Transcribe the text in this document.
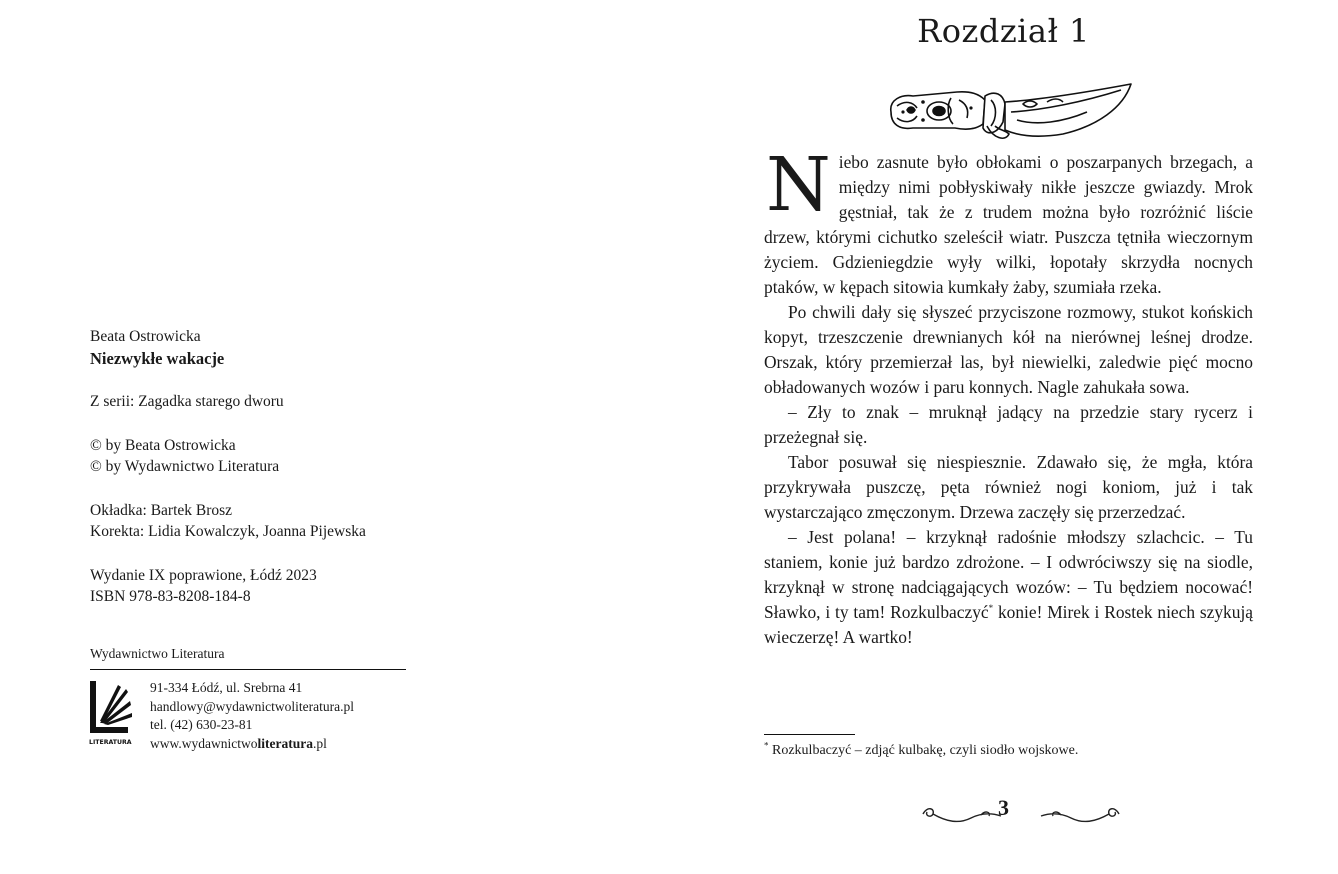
Beata Ostrowicka
Niezwykłe wakacje
Z serii: Zagadka starego dworu
© by Beata Ostrowicka
© by Wydawnictwo Literatura
Okładka: Bartek Brosz
Korekta: Lidia Kowalczyk, Joanna Pijewska
Wydanie IX poprawione, Łódź 2023
ISBN 978-83-8208-184-8
Wydawnictwo Literatura
LITERATURA
91-334 Łódź, ul. Srebrna 41
handlowy@wydawnictwoliteratura.pl
tel. (42) 630-23-81
www.wydawnictwoliteratura.pl
Rozdział 1

Niebo zasnute było obłokami o poszarpanych brzegach, a między nimi pobłyskiwały nikłe jeszcze gwiazdy. Mrok gęstniał, tak że z trudem można było rozróżnić liście drzew, którymi cichutko szeleścił wiatr. Puszcza tętniła wieczornym życiem. Gdzieniegdzie wyły wilki, łopotały skrzydła nocnych ptaków, w kępach sitowia kumkały żaby, szumiała rzeka.

Po chwili dały się słyszeć przyciszone rozmowy, stukot końskich kopyt, trzeszczenie drewnianych kół na nierównej leśnej drodze. Orszak, który przemierzał las, był niewielki, zaledwie pięć mocno obładowanych wozów i paru konnych. Nagle zahukała sowa.

– Zły to znak – mruknął jadący na przedzie stary rycerz i przeżegnał się.

Tabor posuwał się niespiesznie. Zdawało się, że mgła, która przykrywała puszczę, pęta również nogi koniom, już i tak wystarczająco zmęczonym. Drzewa zaczęły się przerzedzać.

– Jest polana! – krzyknął radośnie młodszy szlachcic. – Tu staniem, konie już bardzo zdrożone. – I odwróciwszy się na siodle, krzyknął w stronę nadciągających wozów: – Tu będziem nocować! Sławko, i ty tam! Rozkulbaczyć* konie! Mirek i Rostek niech szykują wieczerzę! A wartko!

* Rozkulbaczyć – zdjąć kulbakę, czyli siodło wojskowe.
3
